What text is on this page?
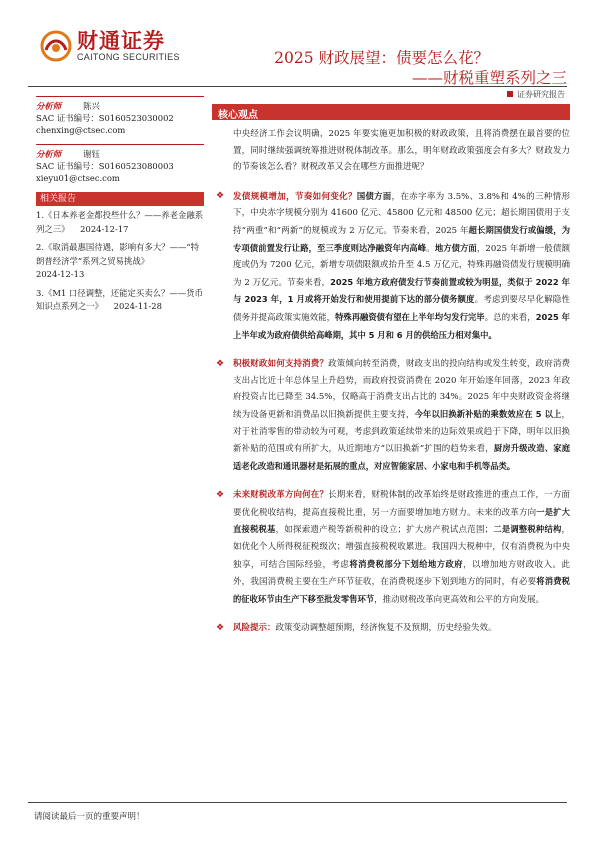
财通证券
CAITONG SECURITIES	2025 财政展望：债要怎么花？
——财税重塑系列之三
证券研究报告
分析师	陈兴
SAC 证书编号：S0160523030002
chenxing@ctsec.com
分析师	谢钰
SAC 证书编号：S0160523080003
xieyu01@ctsec.com
相关报告
1.《日本养老金都投些什么？——养老金融系列之三》 2024-12-17
2.《取消最惠国待遇，影响有多大？——“特朗普经济学”系列之贸易挑战》
2024-12-13
3.《M1 口径调整，还能定买卖么？——货币知识点系列之一》 2024-11-28
核心观点

中央经济工作会议明确，2025 年要实施更加积极的财政政策，且将消费摆在最首要的位置，同时继续强调统筹推进财税体制改革。那么，明年财政政策强度会有多大？财政发力的节奏该怎么看？财税改革又会在哪些方面推进呢？

❖ 发债规模增加，节奏如何变化？国债方面，在赤字率为 3.5%、3.8%和 4%的三种情形下，中央赤字规模分别为 41600 亿元、45800 亿元和 48500 亿元；超长期国债用于支持“两重”和“两新”的规模或为 2 万亿元。节奏来看，2025 年超长期国债发行或偏缓，为专项债前置发行让路，至三季度则达净融资年内高峰。地方债方面，2025 年新增一般债额度或仍为 7200 亿元，新增专项债限额或抬升至 4.5 万亿元，特殊再融资债发行规模明确为 2 万亿元。节奏来看，2025 年地方政府债发行节奏前置或较为明显，类似于 2022 年与 2023 年，1 月或将开始发行和使用提前下达的部分债务额度。考虑到要尽早化解隐性债务并提高政策实施效能，特殊再融资债有望在上半年均匀发行完毕。总的来看，2025 年上半年或为政府债供给高峰期，其中 5 月和 6 月的供给压力相对集中。
❖ 积极财政如何支持消费？政策倾向转至消费，财政支出的投向结构或发生转变，政府消费支出占比近十年总体呈上升趋势，而政府投资消费在 2020 年开始逐年回落，2023 年政府投资占比已降至 34.5%，仅略高于消费支出占比的 34%。2025 年中央财政资金将继续为设备更新和消费品以旧换新提供主要支持，今年以旧换新补贴的乘数效应在 5 以上，对于社消零售的带动较为可观，考虑到政策延续带来的边际效果或趋于下降，明年以旧换新补贴的范围或有所扩大，从近期地方“以旧换新”扩围的趋势来看，厨房升级改造、家庭适老化改造和通讯器材是拓展的重点，对应智能家居、小家电和手机等品类。
❖ 未来财税改革方向何在？长期来看，财税体制的改革始终是财政推进的重点工作，一方面要优化税收结构，提高直接税比重，另一方面要增加地方财力。未来的改革方向一是扩大直接税税基，如探索遗产税等新税种的设立；扩大房产税试点范围；二是调整税种结构，如优化个人所得税征税级次；增强直接税税收累进。我国四大税种中，仅有消费税为中央独享，可结合国际经验，考虑将消费税部分下划给地方政府，以增加地方财政收入。此外，我国消费税主要在生产环节征收，在消费税逐步下划到地方的同时，有必要将消费税的征收环节由生产下移至批发零售环节，推动财税改革向更高效和公平的方向发展。
❖ 风险提示：政策变动调整超预期，经济恢复不及预期，历史经验失效。
请阅读最后一页的重要声明！
